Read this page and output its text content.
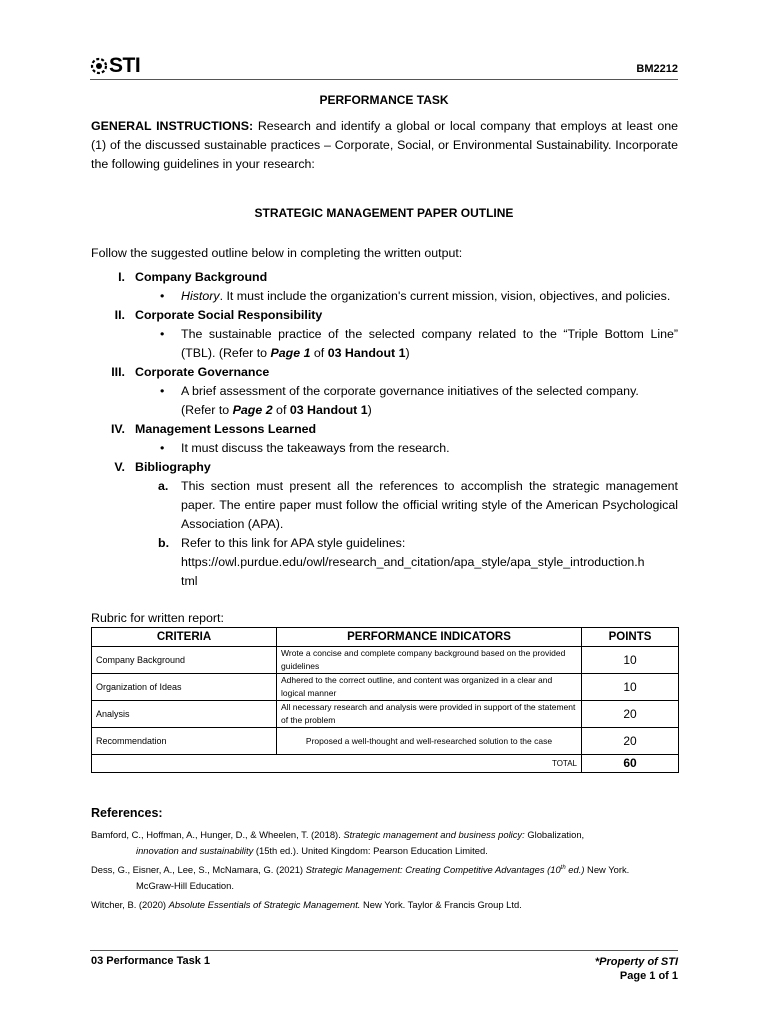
STI	BM2212
PERFORMANCE TASK
GENERAL INSTRUCTIONS: Research and identify a global or local company that employs at least one (1) of the discussed sustainable practices – Corporate, Social, or Environmental Sustainability. Incorporate the following guidelines in your research:
STRATEGIC MANAGEMENT PAPER OUTLINE
Follow the suggested outline below in completing the written output:
I. Company Background
• History. It must include the organization's current mission, vision, objectives, and policies.
II. Corporate Social Responsibility
• The sustainable practice of the selected company related to the “Triple Bottom Line” (TBL). (Refer to Page 1 of 03 Handout 1)
III. Corporate Governance
• A brief assessment of the corporate governance initiatives of the selected company.
(Refer to Page 2 of 03 Handout 1)
IV. Management Lessons Learned
• It must discuss the takeaways from the research.
V. Bibliography
a. This section must present all the references to accomplish the strategic management paper. The entire paper must follow the official writing style of the American Psychological Association (APA).
b. Refer to this link for APA style guidelines:
https://owl.purdue.edu/owl/research_and_citation/apa_style/apa_style_introduction.h
tml
Rubric for written report:
CRITERIA	PERFORMANCE INDICATORS	POINTS
Company Background	Wrote a concise and complete company background based on the provided guidelines	10
Organization of Ideas	Adhered to the correct outline, and content was organized in a clear and logical manner	10
Analysis	All necessary research and analysis were provided in support of the statement of the problem	20
Recommendation	Proposed a well-thought and well-researched solution to the case	20
TOTAL		60
References:
Bamford, C., Hoffman, A., Hunger, D., & Wheelen, T. (2018). Strategic management and business policy: Globalization,
innovation and sustainability (15th ed.). United Kingdom: Pearson Education Limited.
Dess, G., Eisner, A., Lee, S., McNamara, G. (2021) Strategic Management: Creating Competitive Advantages (10th ed.) New York.
McGraw-Hill Education.
Witcher, B. (2020) Absolute Essentials of Strategic Management. New York. Taylor & Francis Group Ltd.
03 Performance Task 1	*Property of STI
Page 1 of 1
